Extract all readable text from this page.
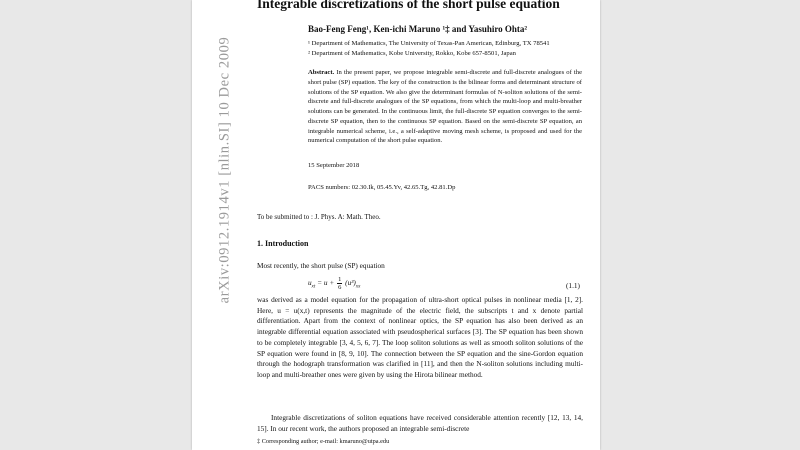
arXiv:0912.1914v1 [nlin.SI] 10 Dec 2009
Integrable discretizations of the short pulse equation
Bao-Feng Feng¹, Ken-ichi Maruno ¹‡ and Yasuhiro Ohta²
¹ Department of Mathematics, The University of Texas-Pan American, Edinburg, TX 78541
² Department of Mathematics, Kobe University, Rokko, Kobe 657-8501, Japan
Abstract. In the present paper, we propose integrable semi-discrete and full-discrete analogues of the short pulse (SP) equation. The key of the construction is the bilinear forms and determinant structure of solutions of the SP equation. We also give the determinant formulas of N-soliton solutions of the semi-discrete and full-discrete analogues of the SP equations, from which the multi-loop and multi-breather solutions can be generated. In the continuous limit, the full-discrete SP equation converges to the semi-discrete SP equation, then to the continuous SP equation. Based on the semi-discrete SP equation, an integrable numerical scheme, i.e., a self-adaptive moving mesh scheme, is proposed and used for the numerical computation of the short pulse equation.
15 September 2018
PACS numbers: 02.30.Ik, 05.45.Yv, 42.65.Tg, 42.81.Dp
To be submitted to : J. Phys. A: Math. Theo.
1. Introduction
Most recently, the short pulse (SP) equation
$u_{xt} = u + \frac{1}{6} (u^3)_{xx}$	(1.1)
was derived as a model equation for the propagation of ultra-short optical pulses in nonlinear media [1, 2]. Here, u = u(x,t) represents the magnitude of the electric field, the subscripts t and x denote partial differentiation. Apart from the context of nonlinear optics, the SP equation has also been derived as an integrable differential equation associated with pseudospherical surfaces [3]. The SP equation has been shown to be completely integrable [3, 4, 5, 6, 7]. The loop soliton solutions as well as smooth soliton solutions of the SP equation were found in [8, 9, 10]. The connection between the SP equation and the sine-Gordon equation through the hodograph transformation was clarified in [11], and then the N-soliton solutions including multi-loop and multi-breather ones were given by using the Hirota bilinear method.
Integrable discretizations of soliton equations have received considerable attention recently [12, 13, 14, 15]. In our recent work, the authors proposed an integrable semi-discrete
‡ Corresponding author; e-mail: kmaruno@utpa.edu
